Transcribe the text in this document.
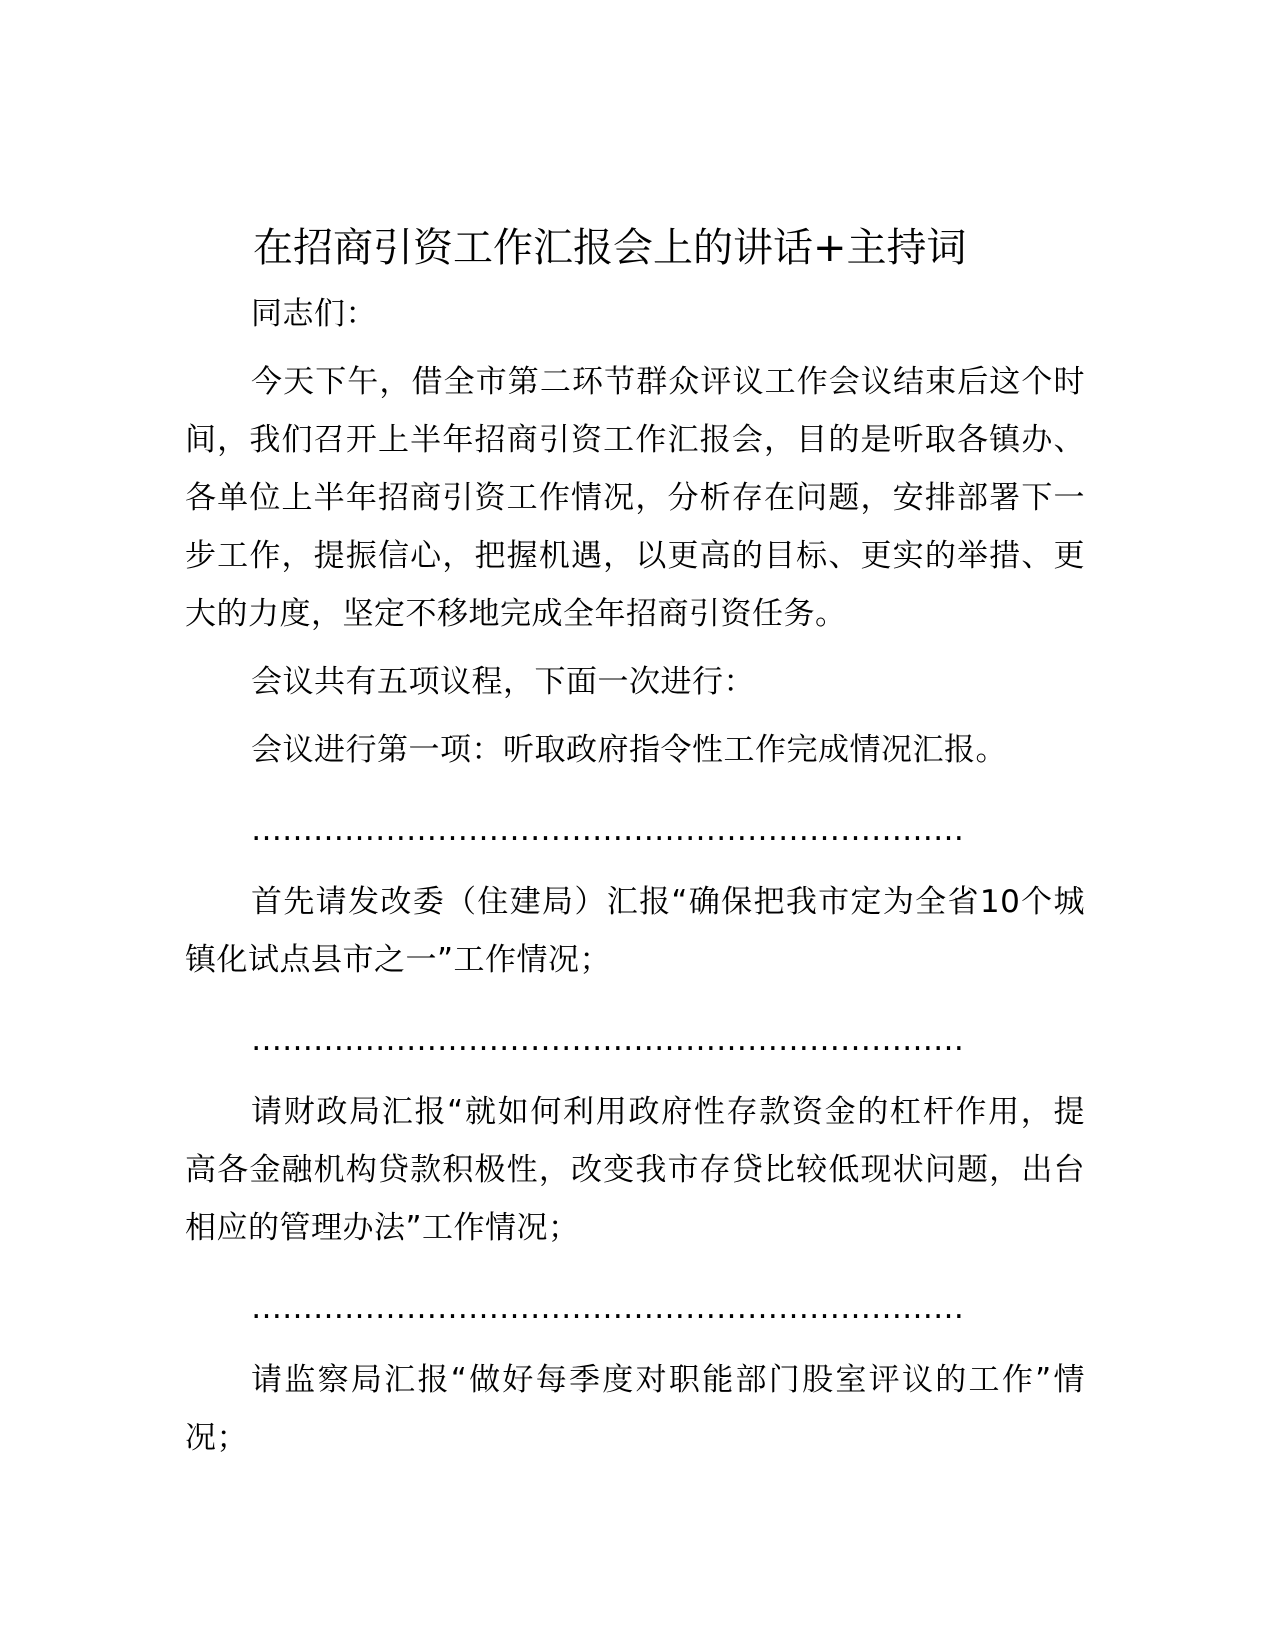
在招商引资工作汇报会上的讲话+主持词

同志们：

今天下午，借全市第二环节群众评议工作会议结束后这个时间，我们召开上半年招商引资工作汇报会，目的是听取各镇办、各单位上半年招商引资工作情况，分析存在问题，安排部署下一步工作，提振信心，把握机遇，以更高的目标、更实的举措、更大的力度，坚定不移地完成全年招商引资任务。

会议共有五项议程，下面一次进行：

会议进行第一项：听取政府指令性工作完成情况汇报。

……………………………………………………………

首先请发改委（住建局）汇报“确保把我市定为全省10个城镇化试点县市之一”工作情况；

……………………………………………………………

请财政局汇报“就如何利用政府性存款资金的杠杆作用，提高各金融机构贷款积极性，改变我市存贷比较低现状问题，出台相应的管理办法”工作情况；

……………………………………………………………

请监察局汇报“做好每季度对职能部门股室评议的工作”情况；
